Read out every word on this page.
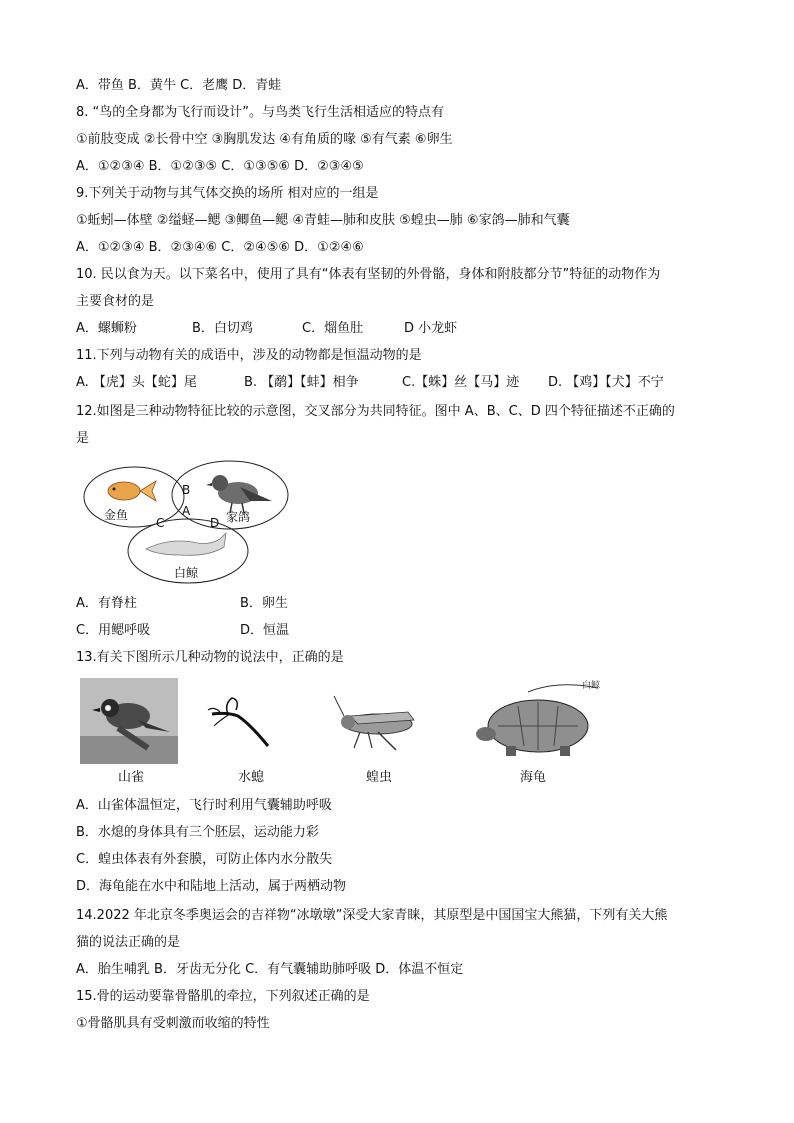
A．带鱼 B．黄牛 C．老鹰 D．青蛙
8. “鸟的全身都为飞行而设计”。与鸟类飞行生活相适应的特点有
①前肢变成 ②长骨中空 ③胸肌发达 ④有角质的喙 ⑤有气素 ⑥卵生
A．①②③④ B．①②③⑤ C．①③⑤⑥ D．②③④⑤
9.下列关于动物与其气体交换的场所 相对应的一组是
①蚯蚓—体壁 ②缢蛏—鳃 ③鲫鱼—鳃 ④青蛙—肺和皮肤 ⑤蝗虫—肺 ⑥家鸽—肺和气囊
A．①②③④ B．②③④⑥ C．②④⑤⑥ D．①②④⑥
10. 民以食为天。以下菜名中，使用了具有“体表有坚韧的外骨骼，身体和附肢都分节”特征的动物作为
主要食材的是
A．螺蛳粉	B．白切鸡	C．熘鱼肚	D 小龙虾
11.下列与动物有关的成语中，涉及的动物都是恒温动物的是
A. 【虎】头【蛇】尾	B. 【鹬】【蚌】相争	C.【蛛】丝【马】迹 D. 【鸡】【犬】不宁
12.如图是三种动物特征比较的示意图，交叉部分为共同特征。图中 A、B、C、D 四个特征描述不正确的
是
金鱼	家鸽
白鲸
B
A
C	D
A．有脊柱	B．卵生
C．用鳃呼吸	D．恒温
13.有关下图所示几种动物的说法中，正确的是
白鲸
山雀	水螅	蝗虫	海龟
A．山雀体温恒定，飞行时利用气囊辅助呼吸
B．水熄的身体具有三个胚层，运动能力彩
C．蝗虫体表有外套膜，可防止体内水分散失
D．海龟能在水中和陆地上活动，属于两栖动物
14.2022 年北京冬季奥运会的吉祥物“冰墩墩”深受大家青睐，其原型是中国国宝大熊猫，下列有关大熊
猫的说法正确的是
A．胎生哺乳 B．牙齿无分化 C．有气囊辅助肺呼吸 D．体温不恒定
15.骨的运动要靠骨骼肌的牵拉，下列叙述正确的是
①骨骼肌具有受刺激而收缩的特性
